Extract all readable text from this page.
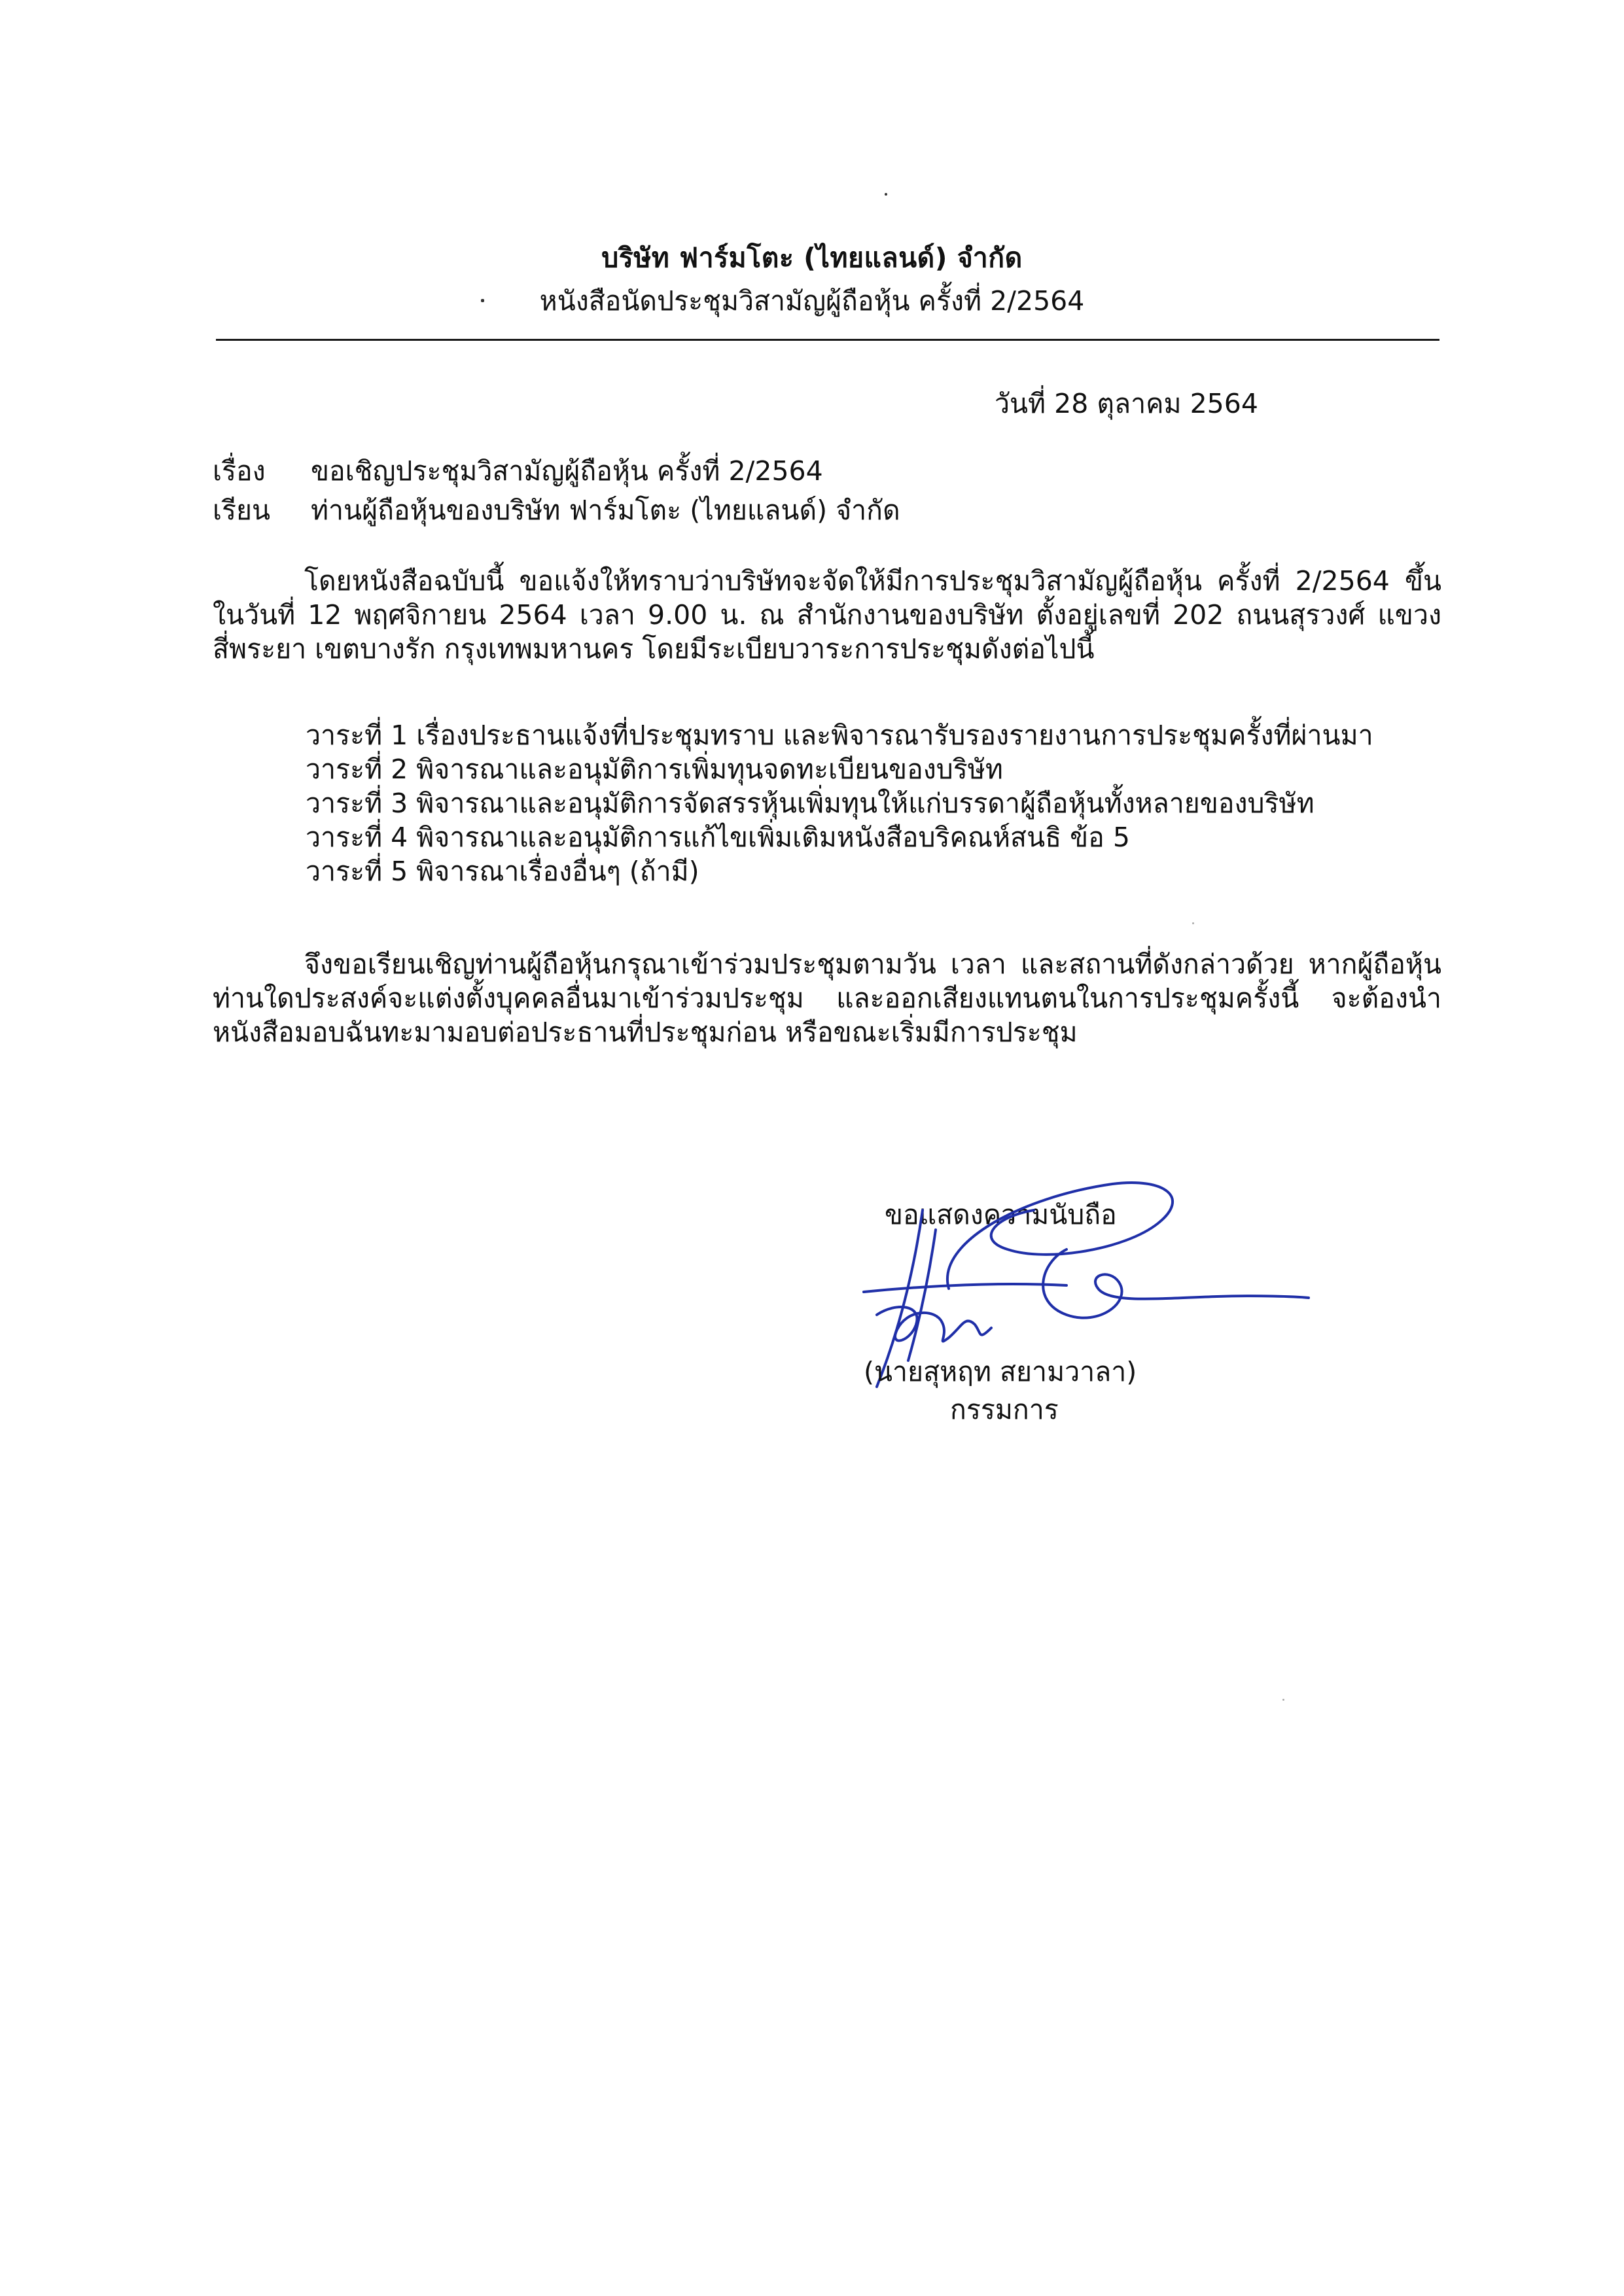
บริษัท ฟาร์มโตะ (ไทยแลนด์) จำกัด
หนังสือนัดประชุมวิสามัญผู้ถือหุ้น ครั้งที่ 2/2564
วันที่ 28 ตุลาคม 2564
เรื่อง ขอเชิญประชุมวิสามัญผู้ถือหุ้น ครั้งที่ 2/2564
เรียน ท่านผู้ถือหุ้นของบริษัท ฟาร์มโตะ (ไทยแลนด์) จำกัด

โดยหนังสือฉบับนี้ ขอแจ้งให้ทราบว่าบริษัทจะจัดให้มีการประชุมวิสามัญผู้ถือหุ้น ครั้งที่ 2/2564 ขึ้นในวันที่ 12 พฤศจิกายน 2564 เวลา 9.00 น. ณ สำนักงานของบริษัท ตั้งอยู่เลขที่ 202 ถนนสุรวงศ์ แขวงสี่พระยา เขตบางรัก กรุงเทพมหานคร โดยมีระเบียบวาระการประชุมดังต่อไปนี้

วาระที่ 1 เรื่องประธานแจ้งที่ประชุมทราบ และพิจารณารับรองรายงานการประชุมครั้งที่ผ่านมา
วาระที่ 2 พิจารณาและอนุมัติการเพิ่มทุนจดทะเบียนของบริษัท
วาระที่ 3 พิจารณาและอนุมัติการจัดสรรหุ้นเพิ่มทุนให้แก่บรรดาผู้ถือหุ้นทั้งหลายของบริษัท
วาระที่ 4 พิจารณาและอนุมัติการแก้ไขเพิ่มเติมหนังสือบริคณห์สนธิ ข้อ 5
วาระที่ 5 พิจารณาเรื่องอื่นๆ (ถ้ามี)

จึงขอเรียนเชิญท่านผู้ถือหุ้นกรุณาเข้าร่วมประชุมตามวัน เวลา และสถานที่ดังกล่าวด้วย หากผู้ถือหุ้นท่านใดประสงค์จะแต่งตั้งบุคคลอื่นมาเข้าร่วมประชุม และออกเสียงแทนตนในการประชุมครั้งนี้ จะต้องนำหนังสือมอบฉันทะมามอบต่อประธานที่ประชุมก่อน หรือขณะเริ่มมีการประชุม

ขอแสดงความนับถือ
(นายสุหฤท สยามวาลา)
กรรมการ
